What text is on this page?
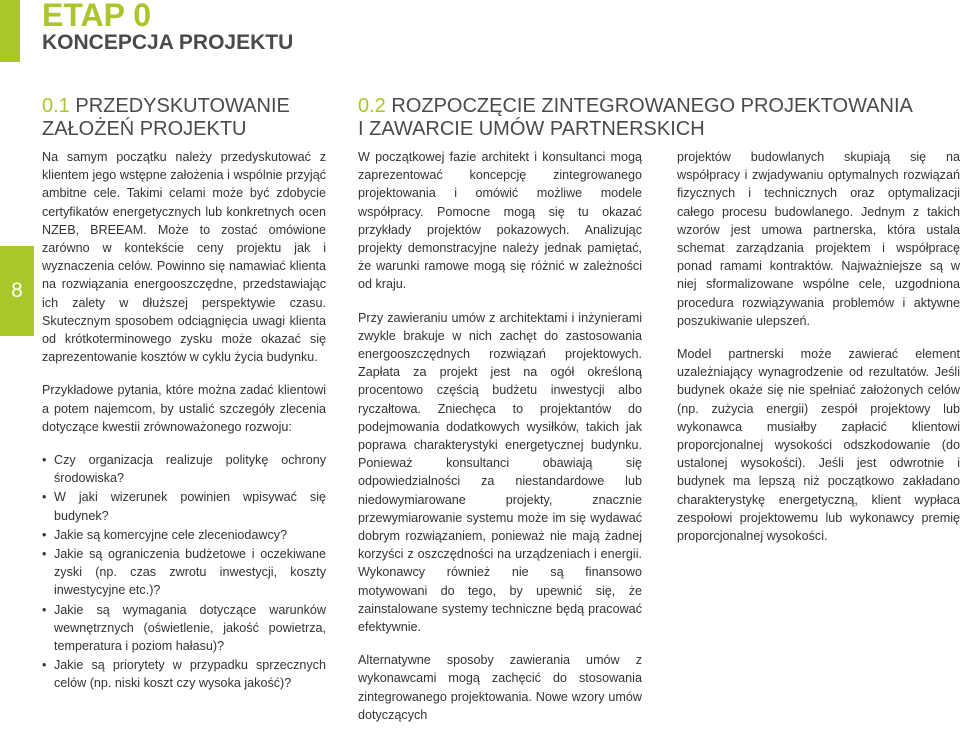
ETAP 0
KONCEPCJA PROJEKTU
8
0.1 PRZEDYSKUTOWANIE
ZAŁOŻEŃ PROJEKTU
0.2 ROZPOCZĘCIE ZINTEGROWANEGO PROJEKTOWANIA
I ZAWARCIE UMÓW PARTNERSKICH

Na samym początku należy przedyskutować z klientem jego wstępne założenia i wspólnie przyjąć ambitne cele. Takimi celami może być zdobycie certyfikatów energetycznych lub konkretnych ocen NZEB, BREEAM. Może to zostać omówione zarówno w kontekście ceny projektu jak i wyznaczenia celów. Powinno się namawiać klienta na rozwiązania energooszczędne, przedstawiając ich zalety w dłuższej perspektywie czasu. Skutecznym sposobem odciągnięcia uwagi klienta od krótkoterminowego zysku może okazać się zaprezentowanie kosztów w cyklu życia budynku.

Przykładowe pytania, które można zadać klientowi a potem najemcom, by ustalić szczegóły zlecenia dotyczące kwestii zrównoważonego rozwoju:

• Czy organizacja realizuje politykę ochrony środowiska?
• W jaki wizerunek powinien wpisywać się budynek?
• Jakie są komercyjne cele zleceniodawcy?
• Jakie są ograniczenia budżetowe i oczekiwane zyski (np. czas zwrotu inwestycji, koszty inwestycyjne etc.)?
• Jakie są wymagania dotyczące warunków wewnętrznych (oświetlenie, jakość powietrza, temperatura i poziom hałasu)?
• Jakie są priorytety w przypadku sprzecznych celów (np. niski koszt czy wysoka jakość)?

W początkowej fazie architekt i konsultanci mogą zaprezentować koncepcję zintegrowanego projektowania i omówić możliwe modele współpracy. Pomocne mogą się tu okazać przykłady projektów pokazowych. Analizując projekty demonstracyjne należy jednak pamiętać, że warunki ramowe mogą się różnić w zależności od kraju.

Przy zawieraniu umów z architektami i inżynierami zwykle brakuje w nich zachęt do zastosowania energooszczędnych rozwiązań projektowych. Zapłata za projekt jest na ogół określoną procentowo częścią budżetu inwestycji albo ryczałtowa. Zniechęca to projektantów do podejmowania dodatkowych wysiłków, takich jak poprawa charakterystyki energetycznej budynku. Ponieważ konsultanci obawiają się odpowiedzialności za niestandardowe lub niedowymiarowane projekty, znacznie przewymiarowanie systemu może im się wydawać dobrym rozwiązaniem, ponieważ nie mają żadnej korzyści z oszczędności na urządzeniach i energii. Wykonawcy również nie są finansowo motywowani do tego, by upewnić się, że zainstalowane systemy techniczne będą pracować efektywnie.

Alternatywne sposoby zawierania umów z wykonawcami mogą zachęcić do stosowania zintegrowanego projektowania. Nowe wzory umów dotyczących

projektów budowlanych skupiają się na współpracy i zwjadywaniu optymalnych rozwiązań fizycznych i technicznych oraz optymalizacji całego procesu budowlanego. Jednym z takich wzorów jest umowa partnerska, która ustala schemat zarządzania projektem i współpracę ponad ramami kontraktów. Najważniejsze są w niej sformalizowane wspólne cele, uzgodniona procedura rozwiązywania problemów i aktywne poszukiwanie ulepszeń.

Model partnerski może zawierać element uzależniający wynagrodzenie od rezultatów. Jeśli budynek okaże się nie spełniać założonych celów (np. zużycia energii) zespół projektowy lub wykonawca musiałby zapłacić klientowi proporcjonalnej wysokości odszkodowanie (do ustalonej wysokości). Jeśli jest odwrotnie i budynek ma lepszą niż początkowo zakładano charakterystykę energetyczną, klient wypłaca zespołowi projektowemu lub wykonawcy premię proporcjonalnej wysokości.
